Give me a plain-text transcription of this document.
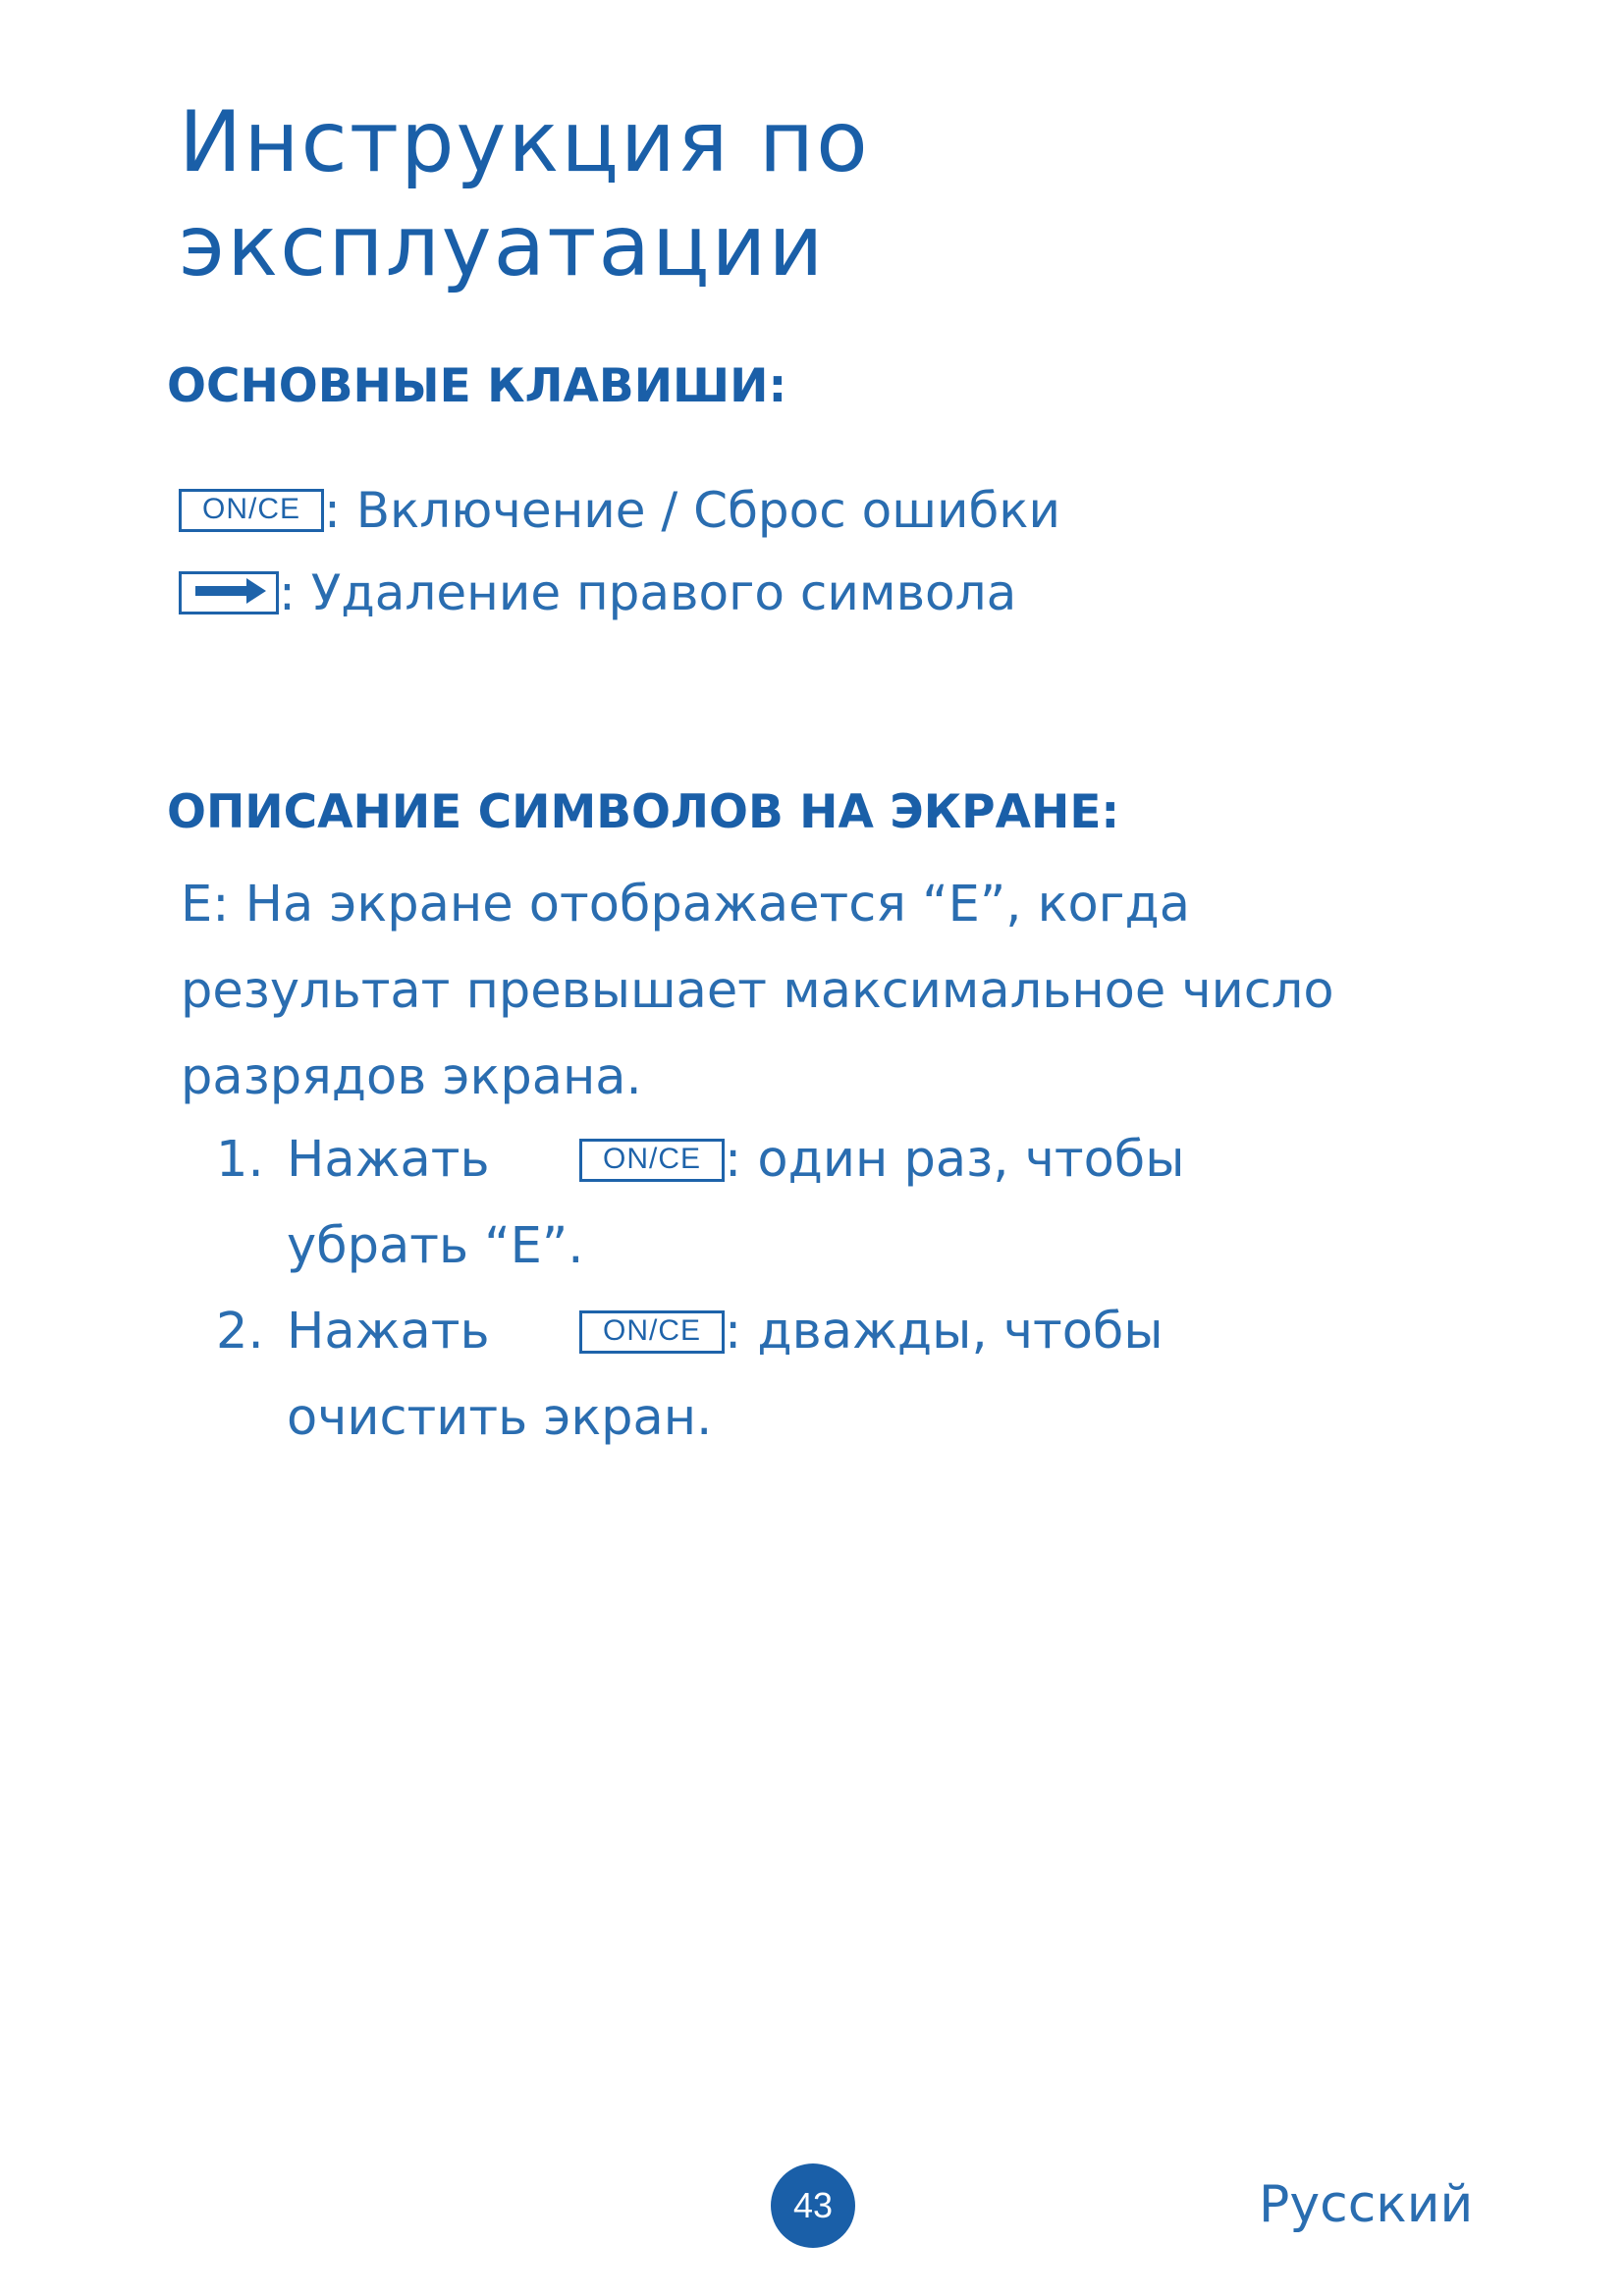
Инструкция по
эксплуатации
ОСНОВНЫЕ КЛАВИШИ:
ON/CE : Включение / Сброс ошибки
: Удаление правого символа
ОПИСАНИЕ СИМВОЛОВ НА ЭКРАНЕ:

E: На экране отображается “E”, когда
результат превышает максимальное число
разрядов экрана.

1. Нажать	ON/CE : один раз, чтобы
убрать “E”.
2. Нажать	ON/CE : дважды, чтобы
очистить экран.
43	Русский
